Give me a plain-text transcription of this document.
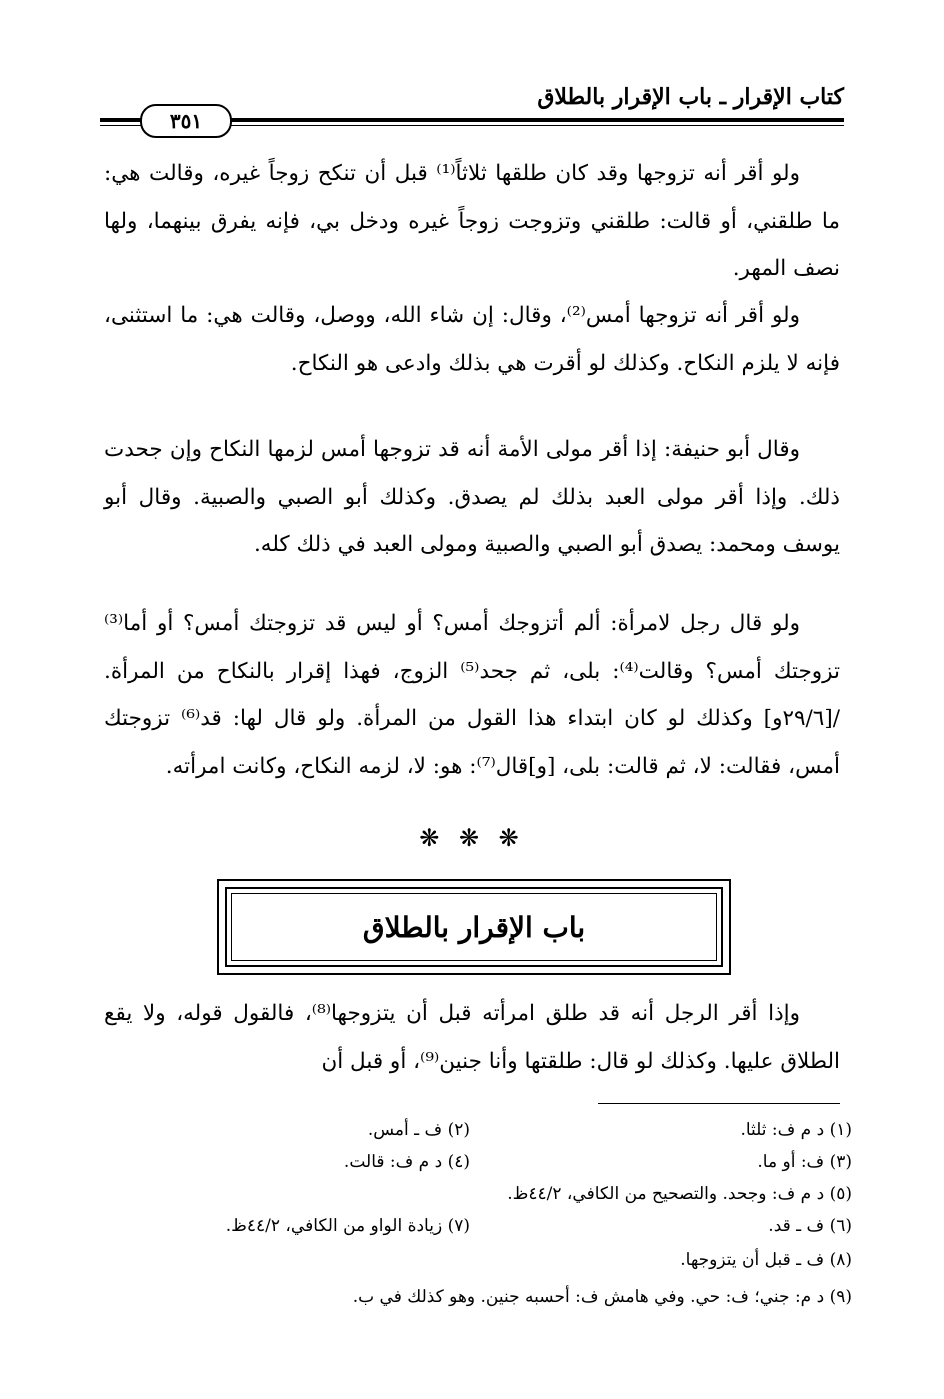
كتاب الإقرار ـ باب الإقرار بالطلاق
٣٥١

ولو أقر أنه تزوجها وقد كان طلقها ثلاثاً⁽¹⁾ قبل أن تنكح زوجاً غيره، وقالت هي: ما طلقني، أو قالت: طلقني وتزوجت زوجاً غيره ودخل بي، فإنه يفرق بينهما، ولها نصف المهر.

ولو أقر أنه تزوجها أمس⁽²⁾، وقال: إن شاء الله، ووصل، وقالت هي: ما استثنى، فإنه لا يلزم النكاح. وكذلك لو أقرت هي بذلك وادعى هو النكاح.

وقال أبو حنيفة: إذا أقر مولى الأمة أنه قد تزوجها أمس لزمها النكاح وإن جحدت ذلك. وإذا أقر مولى العبد بذلك لم يصدق. وكذلك أبو الصبي والصبية. وقال أبو يوسف ومحمد: يصدق أبو الصبي والصبية ومولى العبد في ذلك كله.

ولو قال رجل لامرأة: ألم أتزوجك أمس؟ أو ليس قد تزوجتك أمس؟ أو أما⁽³⁾ تزوجتك أمس؟ وقالت⁽⁴⁾: بلى، ثم جحد⁽⁵⁾ الزوج، فهذا إقرار بالنكاح من المرأة. /[٢٩/٦و] وكذلك لو كان ابتداء هذا القول من المرأة. ولو قال لها: قد⁽⁶⁾ تزوجتك أمس، فقالت: لا، ثم قالت: بلى، [و]قال⁽⁷⁾: هو: لا، لزمه النكاح، وكانت امرأته.

❋ ❋ ❋
باب الإقرار بالطلاق

وإذا أقر الرجل أنه قد طلق امرأته قبل أن يتزوجها⁽⁸⁾، فالقول قوله، ولا يقع الطلاق عليها. وكذلك لو قال: طلقتها وأنا جنين⁽⁹⁾، أو قبل أن

(١) د م ف: ثلثا.
(٢) ف ـ أمس.
(٣) ف: أو ما.
(٤) د م ف: قالت.
(٥) د م ف: وجحد. والتصحيح من الكافي، ٤٤/٢ظ.
(٦) ف ـ قد.
(٧) زيادة الواو من الكافي، ٤٤/٢ظ.
(٨) ف ـ قبل أن يتزوجها.
(٩) د م: جني؛ ف: حي. وفي هامش ف: أحسبه جنين. وهو كذلك في ب.
